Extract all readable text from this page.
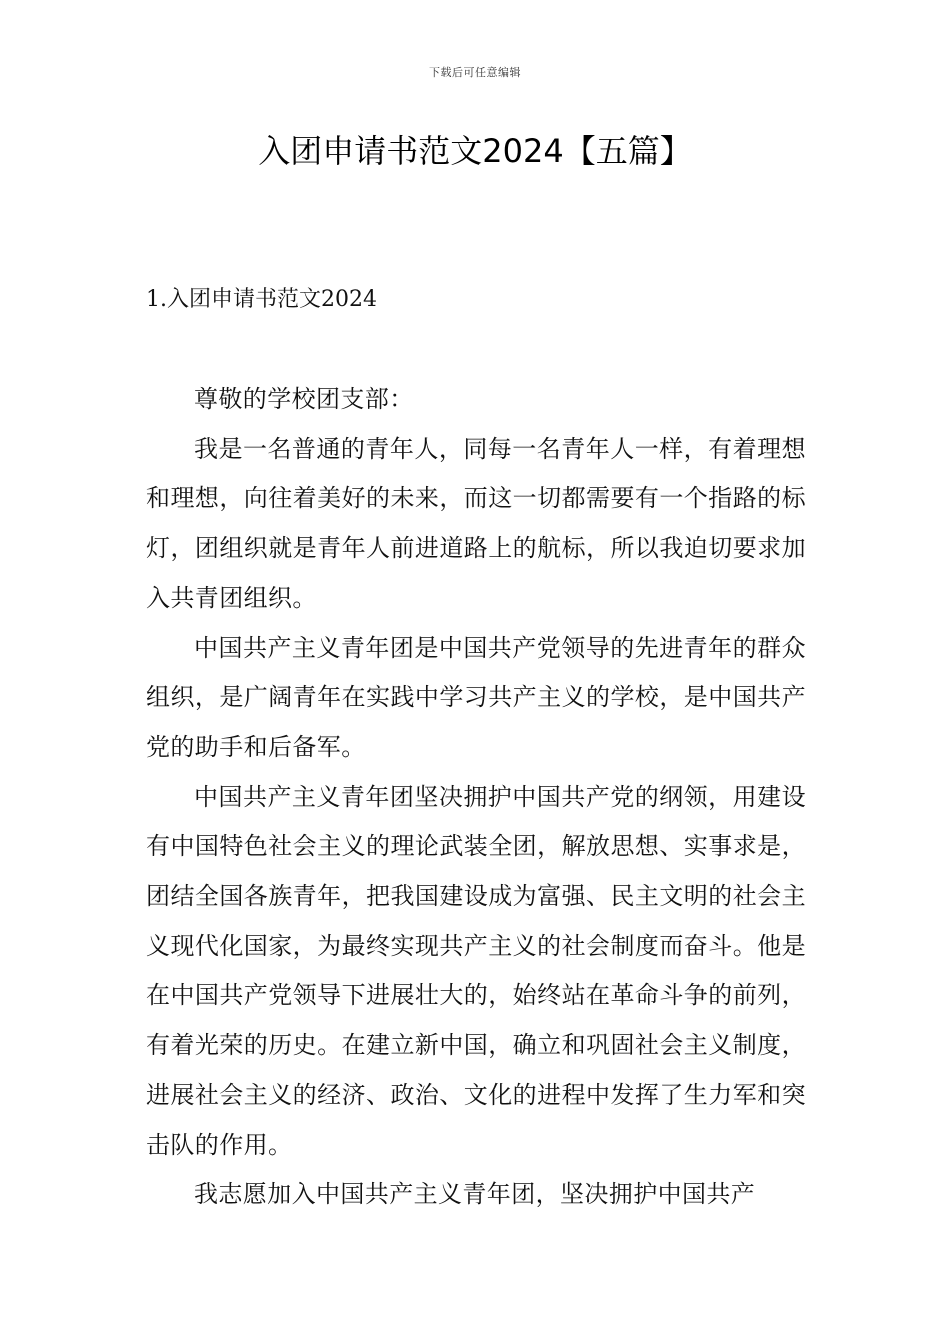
下载后可任意编辑
入团申请书范文2024【五篇】
1.入团申请书范文2024

尊敬的学校团支部：

我是一名普通的青年人，同每一名青年人一样，有着理想和理想，向往着美好的未来，而这一切都需要有一个指路的标灯，团组织就是青年人前进道路上的航标，所以我迫切要求加入共青团组织。

中国共产主义青年团是中国共产党领导的先进青年的群众组织，是广阔青年在实践中学习共产主义的学校，是中国共产党的助手和后备军。

中国共产主义青年团坚决拥护中国共产党的纲领，用建设有中国特色社会主义的理论武装全团，解放思想、实事求是，团结全国各族青年，把我国建设成为富强、民主文明的社会主义现代化国家，为最终实现共产主义的社会制度而奋斗。他是在中国共产党领导下进展壮大的，始终站在革命斗争的前列，有着光荣的历史。在建立新中国，确立和巩固社会主义制度，进展社会主义的经济、政治、文化的进程中发挥了生力军和突击队的作用。

我志愿加入中国共产主义青年团，坚决拥护中国共产
